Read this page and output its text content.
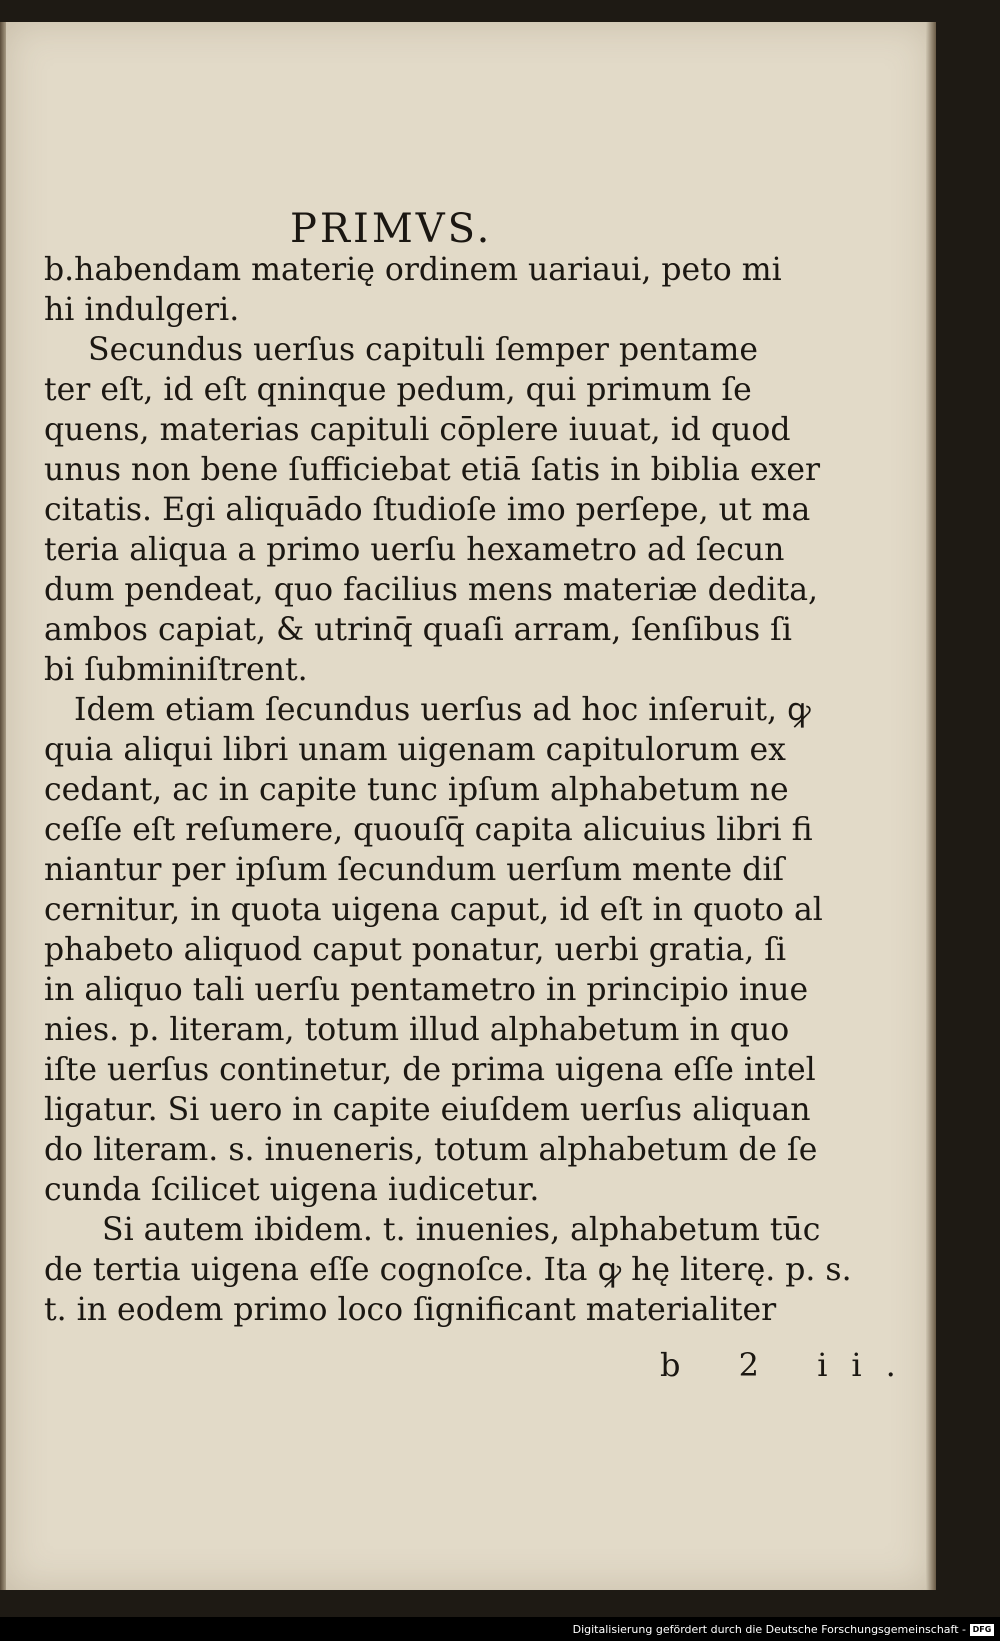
PRIMVS.
b.habendam materię ordinem uariaui, peto mi
hi indulgeri.
Secundus uerſus capituli ſemper pentame
ter eſt, id eſt qninque pedum, qui primum ſe
quens, materias capituli cōplere iuuat, id quod
unus non bene ſufficiebat etiā ſatis in biblia exer
citatis. Egi aliquādo ſtudioſe imo perſepe, ut ma
teria aliqua a primo uerſu hexametro ad ſecun
dum pendeat, quo facilius mens materiæ dedita,
ambos capiat, & utrinq̄ quaſi arram, ſenſibus ſi
bi ſubminiſtrent.
Idem etiam ſecundus uerſus ad hoc inſeruit, ꝙ
quia aliqui libri unam uigenam capitulorum ex
cedant, ac in capite tunc ipſum alphabetum ne
ceſſe eſt reſumere, quouſq̄ capita alicuius libri fi
niantur per ipſum ſecundum uerſum mente diſ
cernitur, in quota uigena caput, id eſt in quoto al
phabeto aliquod caput ponatur, uerbi gratia, ſi
in aliquo tali uerſu pentametro in principio inue
nies. p. literam, totum illud alphabetum in quo
iſte uerſus continetur, de prima uigena eſſe intel
ligatur. Si uero in capite eiuſdem uerſus aliquan
do literam. s. inueneris, totum alphabetum de ſe
cunda ſcilicet uigena iudicetur.
Si autem ibidem. t. inuenies, alphabetum tūc
de tertia uigena eſſe cognoſce. Ita ꝙ hę literę. p. s.
t. in eodem primo loco ſignificant materialiter
b 2 ii.
Digitalisierung gefördert durch die Deutsche Forschungsgemeinschaft - DFG
